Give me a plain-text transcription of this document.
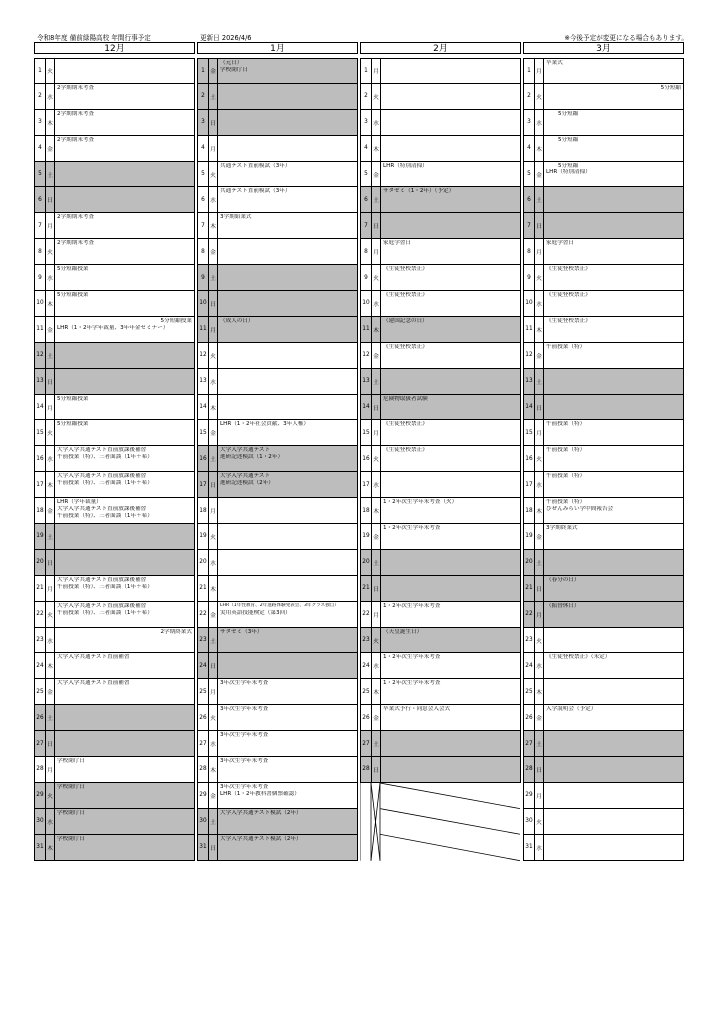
令和8年度 備前緑陽高校 年間行事予定	更新日 2026/4/6	※今後予定が変更になる場合もあります。
12月
1 火
2 水
2学期期末考査
3 木
2学期期末考査
4 金
2学期期末考査
5 土
6 日
7 月
2学期期末考査
8 火
2学期期末考査
9 水
5分短縮授業
10 木
5分短縮授業
11 金
5分短縮授業
LHR（1・2年学年裁量、3年年金セミナー）
12 土
13 日
14 月
5分短縮授業
15 火
5分短縮授業
16 水
大学入学共通テスト直前放課後補習
午前授業（特）、三者面談（1年＋希）
17 木
大学入学共通テスト直前放課後補習
午前授業（特）、三者面談（1年＋希）
18 金
LHR（学年裁量）
大学入学共通テスト直前放課後補習
午前授業（特）、三者面談（1年＋希）
19 土
20 日
21 月
大学入学共通テスト直前放課後補習
午前授業（特）、三者面談（1年＋希）
22 火
大学入学共通テスト直前放課後補習
午前授業（特）、三者面談（1年＋希）
23 水
2学期終業式
24 木
大学入学共通テスト直前補習
25 金
大学入学共通テスト直前補習
26 土
27 日
28 月
学校閉庁日
29 火
学校閉庁日
30 水
学校閉庁日
31 木
学校閉庁日
1月
1 金
（元日）
学校閉庁日
2 土
3 日
4 月
5 火
共通テスト直前模試（3年）
6 水
共通テスト直前模試（3年）
7 木
3学期始業式
8 金
9 土
10 日
11 月
（成人の日）
12 火
13 水
14 木
15 金
LHR（1・2年社会貢献、3年人権）
16 土
大学入学共通テスト
進研記述模試（1・2年）
17 日
大学入学共通テスト
進研記述模試（2年）
18 月
19 火
20 水
21 木
22 金
LHR（1年性教育、2年進路体験発表会、3年クラス独自）
実用英語技能検定（第3回）
23 土
サタゼミ（3年）
24 日
25 月
3年次生学年末考査
26 火
3年次生学年末考査
27 水
3年次生学年末考査
28 木
3年次生学年末考査
29 金
3年次生学年末考査
LHR（1・2年教科書個票確認）
30 土
大学入学共通テスト模試（2年）
31 日
大学入学共通テスト模試（2年）
2月
1 月
2 火
3 水
4 木
5 金
LHR（特別清掃）
6 土
サタゼミ（1・2年）（予定）
7 日
8 月
家庭学習日
9 火
《生徒登校禁止》
10 水
《生徒登校禁止》
11 木
（建国記念の日）
12 金
《生徒登校禁止》
13 土
14 日
危険物取扱者試験
15 月
《生徒登校禁止》
16 火
《生徒登校禁止》
17 水
18 木
1・2年次生学年末考査（火）
19 金
1・2年次生学年末考査
20 土
21 日
22 月
1・2年次生学年末考査
23 火
（天皇誕生日）
24 水
1・2年次生学年末考査
25 木
1・2年次生学年末考査
26 金
卒業式予行・同窓会入会式
27 土
28 日
3月
1 月
卒業式
2 火
5分短縮
3 水
5分短縮
4 木
5分短縮
5 金
5分短縮
LHR（特別清掃）
6 土
7 日
8 月
家庭学習日
9 火
《生徒登校禁止》
10 水
《生徒登校禁止》
11 木
《生徒登校禁止》
12 金
午前授業（特）
13 土
14 日
15 月
午前授業（特）
16 火
午前授業（特）
17 水
午前授業（特）
18 木
午前授業（特）
びぜんみらい学中間報告会
19 金
3学期終業式
20 土
21 日
（春分の日）
22 月
（振替休日）
23 火
24 水
《生徒登校禁止》（未定）
25 木
26 金
入学説明会（予定）
27 土
28 日
29 月
30 火
31 水
